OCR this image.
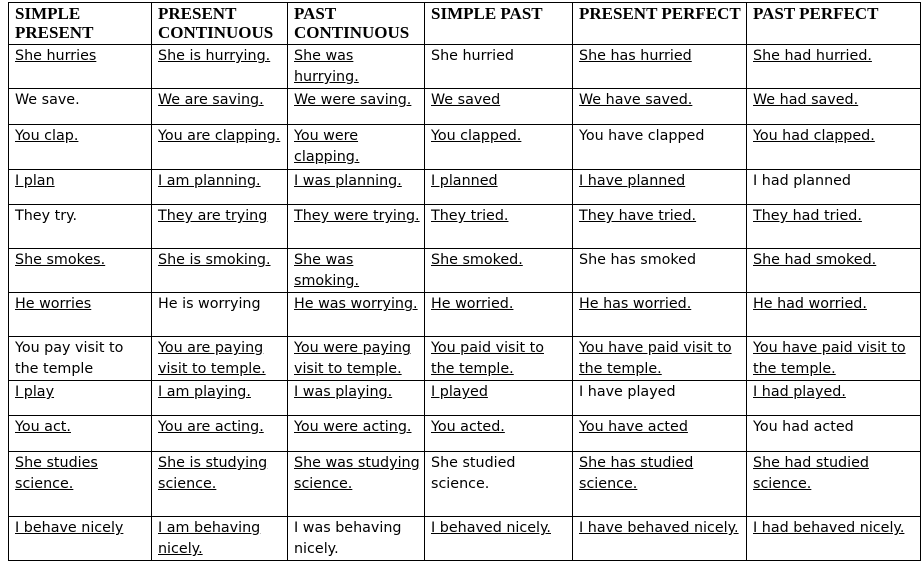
SIMPLE PRESENT	PRESENT CONTINUOUS	PAST CONTINUOUS	SIMPLE PAST	PRESENT PERFECT	PAST PERFECT
She hurries	She is hurrying.	She was hurrying.	She hurried	She has hurried	She had hurried.
We save.	We are saving.	We were saving.	We saved	We have saved.	We had saved.
You clap.	You are clapping.	You were clapping.	You clapped.	You have clapped	You had clapped.
I plan	I am planning.	I was planning.	I planned	I have planned	I had planned
They try.	They are trying	They were trying.	They tried.	They have tried.	They had tried.
She smokes.	She is smoking.	She was smoking.	She smoked.	She has smoked	She had smoked.
He worries	He is worrying	He was worrying.	He worried.	He has worried.	He had worried.
You pay visit to the temple	You are paying visit to temple.	You were paying visit to temple.	You paid visit to the temple.	You have paid visit to the temple.	You have paid visit to the temple.
I play	I am playing.	I was playing.	I played	I have played	I had played.
You act.	You are acting.	You were acting.	You acted.	You have acted	You had acted
She studies science.	She is studying science.	She was studying science.	She studied science.	She has studied science.	She had studied science.
I behave nicely	I am behaving nicely.	I was behaving nicely.	I behaved nicely.	I have behaved nicely.	I had behaved nicely.
